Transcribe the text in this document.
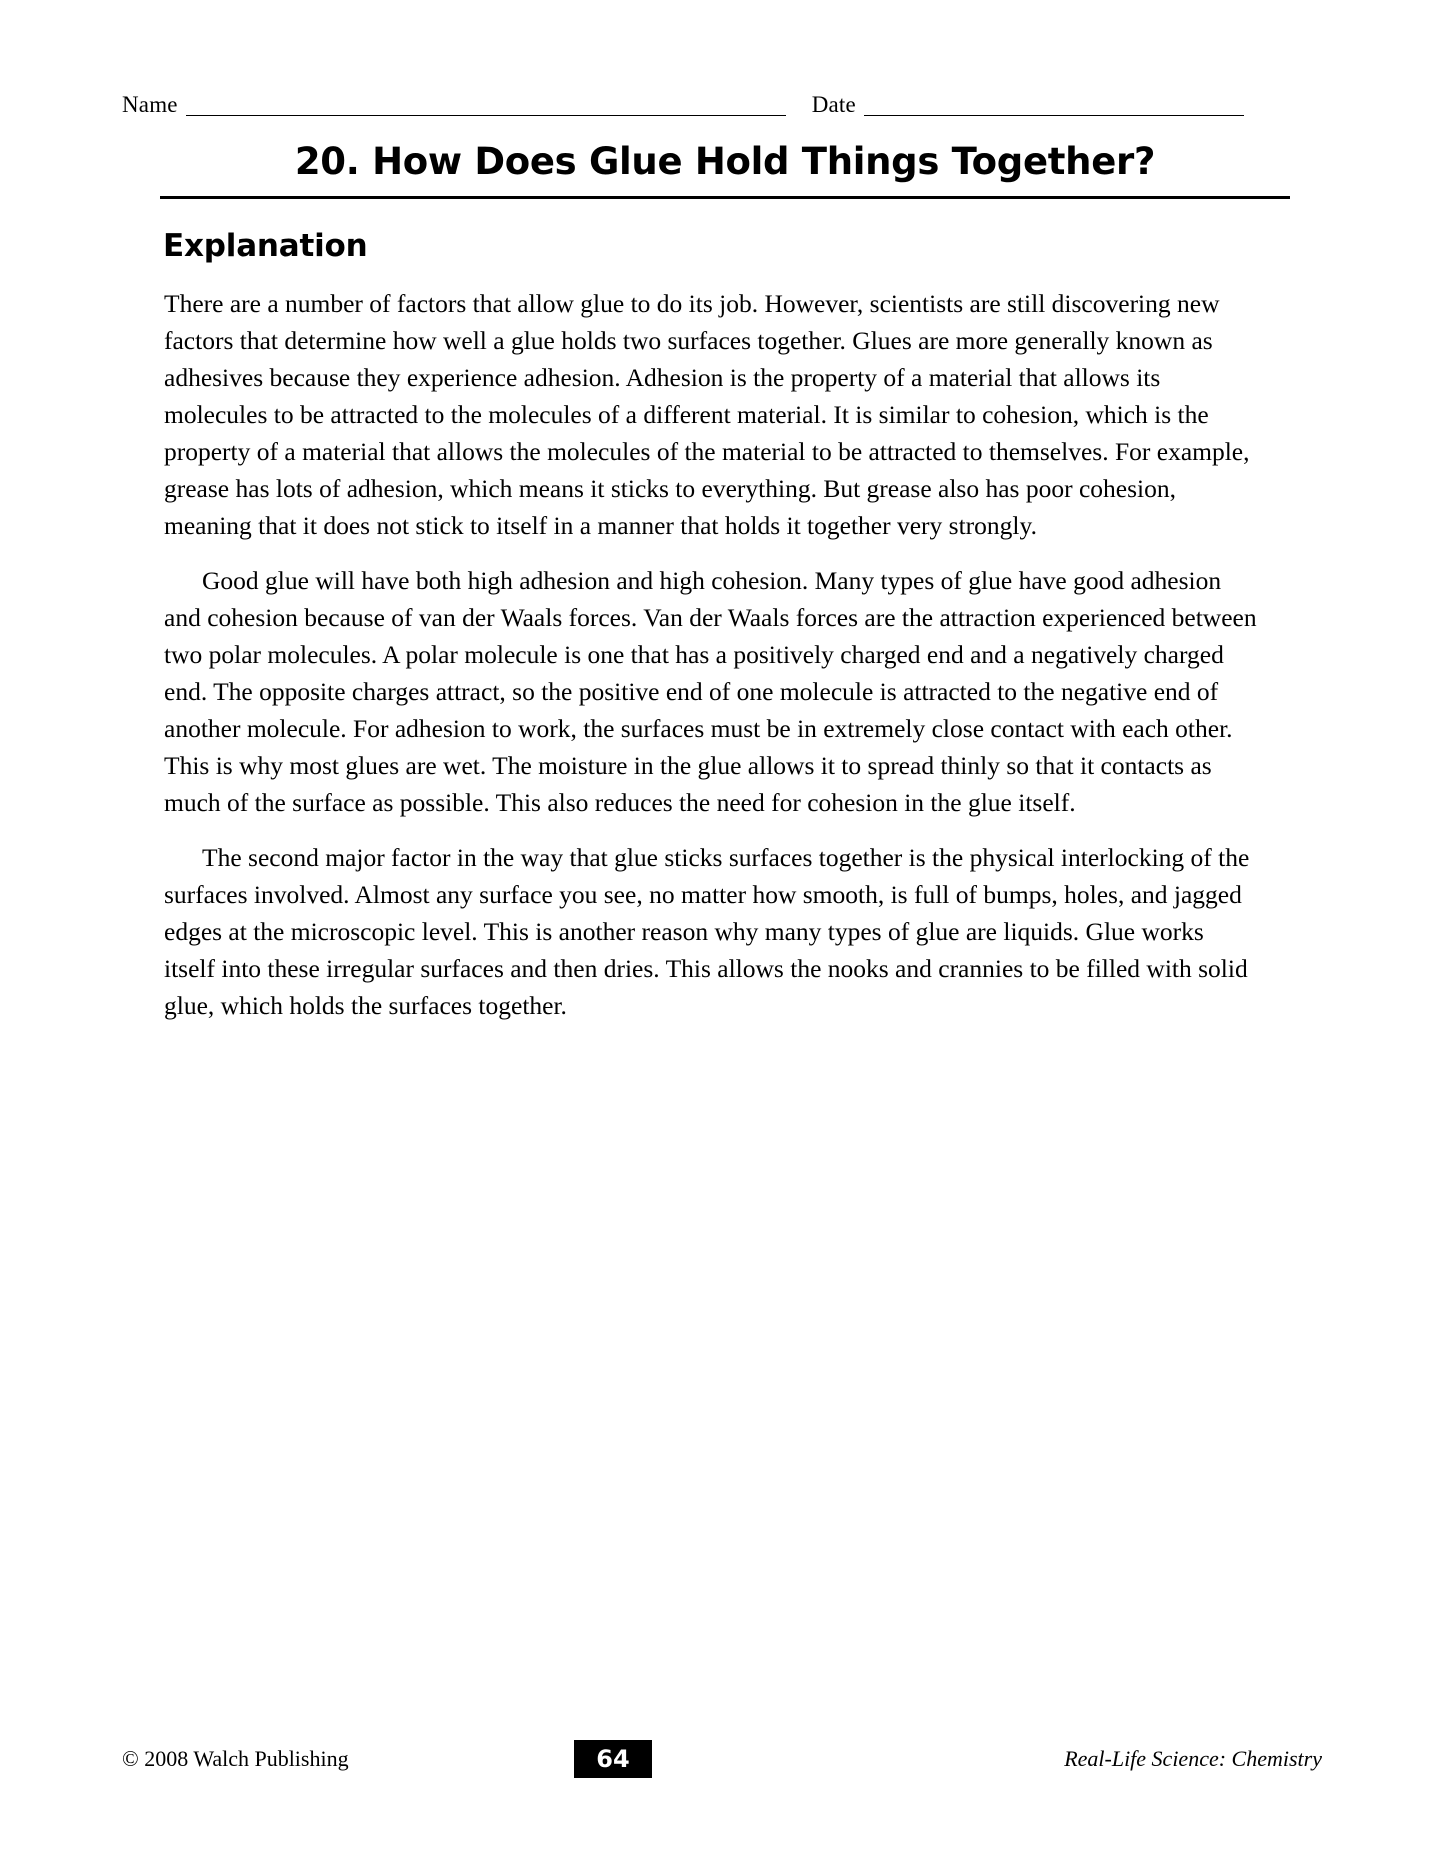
Name	Date
20. How Does Glue Hold Things Together?
Explanation

There are a number of factors that allow glue to do its job. However, scientists are still discovering new factors that determine how well a glue holds two surfaces together. Glues are more generally known as adhesives because they experience adhesion. Adhesion is the property of a material that allows its molecules to be attracted to the molecules of a different material. It is similar to cohesion, which is the property of a material that allows the molecules of the material to be attracted to themselves. For example, grease has lots of adhesion, which means it sticks to everything. But grease also has poor cohesion, meaning that it does not stick to itself in a manner that holds it together very strongly.

Good glue will have both high adhesion and high cohesion. Many types of glue have good adhesion and cohesion because of van der Waals forces. Van der Waals forces are the attraction experienced between two polar molecules. A polar molecule is one that has a positively charged end and a negatively charged end. The opposite charges attract, so the positive end of one molecule is attracted to the negative end of another molecule. For adhesion to work, the surfaces must be in extremely close contact with each other. This is why most glues are wet. The moisture in the glue allows it to spread thinly so that it contacts as much of the surface as possible. This also reduces the need for cohesion in the glue itself.

The second major factor in the way that glue sticks surfaces together is the physical interlocking of the surfaces involved. Almost any surface you see, no matter how smooth, is full of bumps, holes, and jagged edges at the microscopic level. This is another reason why many types of glue are liquids. Glue works itself into these irregular surfaces and then dries. This allows the nooks and crannies to be filled with solid glue, which holds the surfaces together.

© 2008 Walch Publishing	64	Real-Life Science: Chemistry
